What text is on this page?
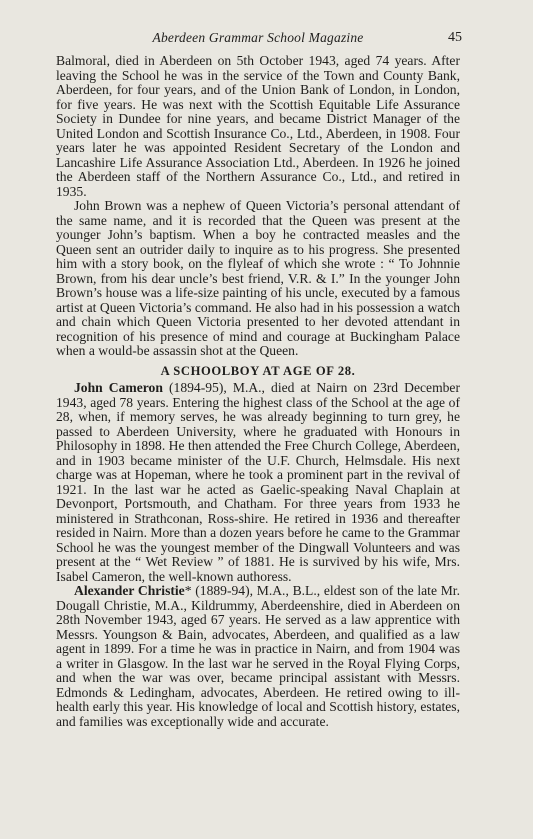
Aberdeen Grammar School Magazine	45

Balmoral, died in Aberdeen on 5th October 1943, aged 74 years. After leaving the School he was in the service of the Town and County Bank, Aberdeen, for four years, and of the Union Bank of London, in London, for five years. He was next with the Scottish Equitable Life Assurance Society in Dundee for nine years, and became District Manager of the United London and Scottish Insurance Co., Ltd., Aberdeen, in 1908. Four years later he was appointed Resident Secretary of the London and Lancashire Life Assurance Association Ltd., Aberdeen. In 1926 he joined the Aberdeen staff of the Northern Assurance Co., Ltd., and retired in 1935.

John Brown was a nephew of Queen Victoria’s personal attendant of the same name, and it is recorded that the Queen was present at the younger John’s baptism. When a boy he contracted measles and the Queen sent an outrider daily to inquire as to his progress. She presented him with a story book, on the flyleaf of which she wrote : “ To Johnnie Brown, from his dear uncle’s best friend, V.R. & I.” In the younger John Brown’s house was a life-size painting of his uncle, executed by a famous artist at Queen Victoria’s command. He also had in his possession a watch and chain which Queen Victoria presented to her devoted attendant in recognition of his presence of mind and courage at Buckingham Palace when a would-be assassin shot at the Queen.

A SCHOOLBOY AT AGE OF 28.

John Cameron (1894-95), M.A., died at Nairn on 23rd December 1943, aged 78 years. Entering the highest class of the School at the age of 28, when, if memory serves, he was already beginning to turn grey, he passed to Aberdeen University, where he graduated with Honours in Philosophy in 1898. He then attended the Free Church College, Aberdeen, and in 1903 became minister of the U.F. Church, Helmsdale. His next charge was at Hopeman, where he took a prominent part in the revival of 1921. In the last war he acted as Gaelic-speaking Naval Chaplain at Devonport, Portsmouth, and Chatham. For three years from 1933 he ministered in Strathconan, Ross-shire. He retired in 1936 and thereafter resided in Nairn. More than a dozen years before he came to the Grammar School he was the youngest member of the Dingwall Volunteers and was present at the “ Wet Review ” of 1881. He is survived by his wife, Mrs. Isabel Cameron, the well-known authoress.

Alexander Christie* (1889-94), M.A., B.L., eldest son of the late Mr. Dougall Christie, M.A., Kildrummy, Aberdeenshire, died in Aberdeen on 28th November 1943, aged 67 years. He served as a law apprentice with Messrs. Youngson & Bain, advocates, Aberdeen, and qualified as a law agent in 1899. For a time he was in practice in Nairn, and from 1904 was a writer in Glasgow. In the last war he served in the Royal Flying Corps, and when the war was over, became principal assistant with Messrs. Edmonds & Ledingham, advocates, Aberdeen. He retired owing to ill-health early this year. His knowledge of local and Scottish history, estates, and families was exceptionally wide and accurate.
